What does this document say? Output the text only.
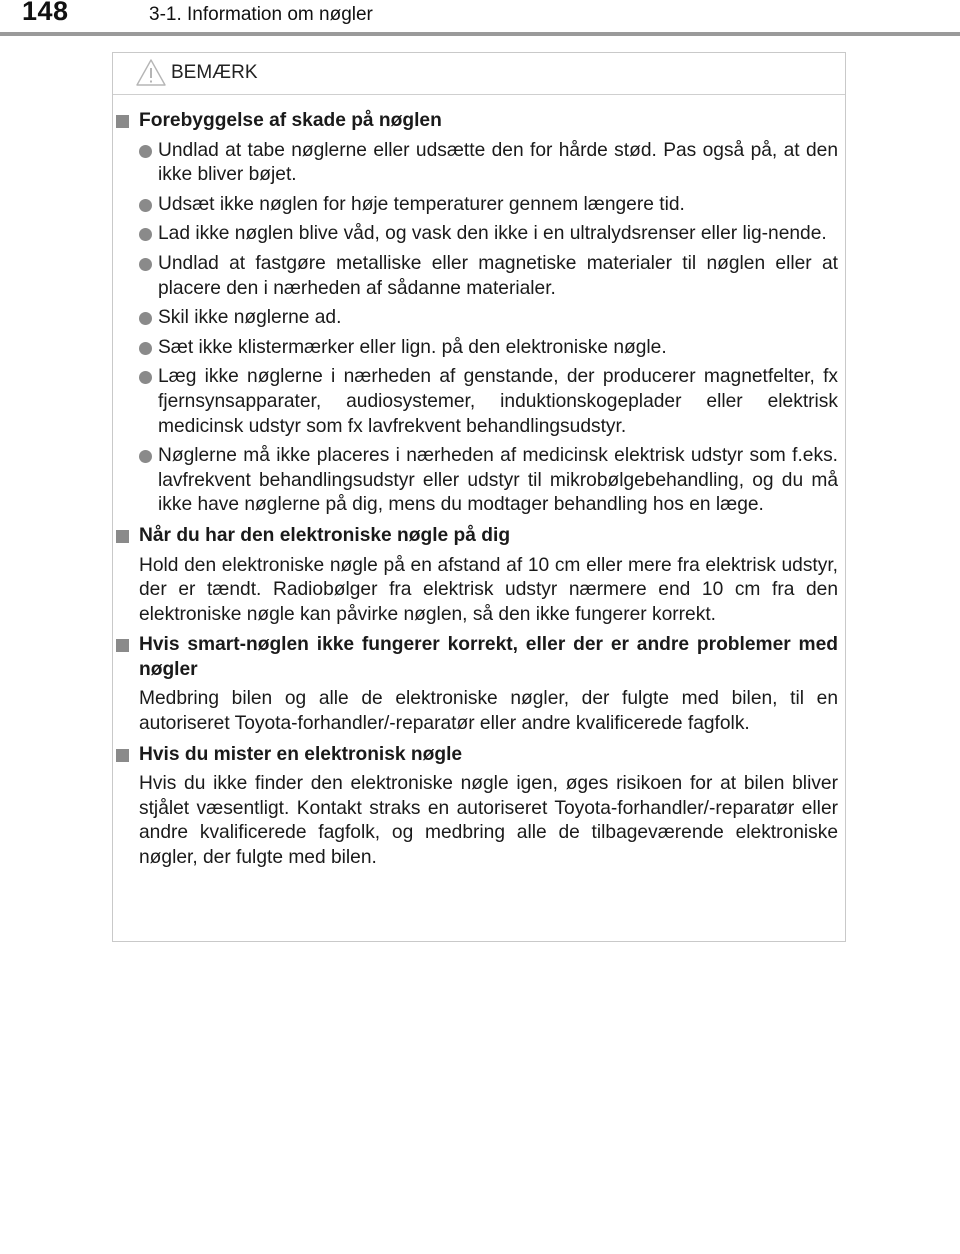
148	3-1. Information om nøgler
BEMÆRK
Forebyggelse af skade på nøglen
Undlad at tabe nøglerne eller udsætte den for hårde stød. Pas også på, at den ikke bliver bøjet.
Udsæt ikke nøglen for høje temperaturer gennem længere tid.
Lad ikke nøglen blive våd, og vask den ikke i en ultralydsrenser eller lig-nende.
Undlad at fastgøre metalliske eller magnetiske materialer til nøglen eller at placere den i nærheden af sådanne materialer.
Skil ikke nøglerne ad.
Sæt ikke klistermærker eller lign. på den elektroniske nøgle.
Læg ikke nøglerne i nærheden af genstande, der producerer magnetfelter, fx fjernsynsapparater, audiosystemer, induktionskogeplader eller elektrisk medicinsk udstyr som fx lavfrekvent behandlingsudstyr.
Nøglerne må ikke placeres i nærheden af medicinsk elektrisk udstyr som f.eks. lavfrekvent behandlingsudstyr eller udstyr til mikrobølgebehandling, og du må ikke have nøglerne på dig, mens du modtager behandling hos en læge.
Når du har den elektroniske nøgle på dig
Hold den elektroniske nøgle på en afstand af 10 cm eller mere fra elektrisk udstyr, der er tændt. Radiobølger fra elektrisk udstyr nærmere end 10 cm fra den elektroniske nøgle kan påvirke nøglen, så den ikke fungerer korrekt.
Hvis smart-nøglen ikke fungerer korrekt, eller der er andre problemer med nøgler
Medbring bilen og alle de elektroniske nøgler, der fulgte med bilen, til en autoriseret Toyota-forhandler/-reparatør eller andre kvalificerede fagfolk.
Hvis du mister en elektronisk nøgle
Hvis du ikke finder den elektroniske nøgle igen, øges risikoen for at bilen bliver stjålet væsentligt. Kontakt straks en autoriseret Toyota-forhandler/-reparatør eller andre kvalificerede fagfolk, og medbring alle de tilbageværende elektroniske nøgler, der fulgte med bilen.
